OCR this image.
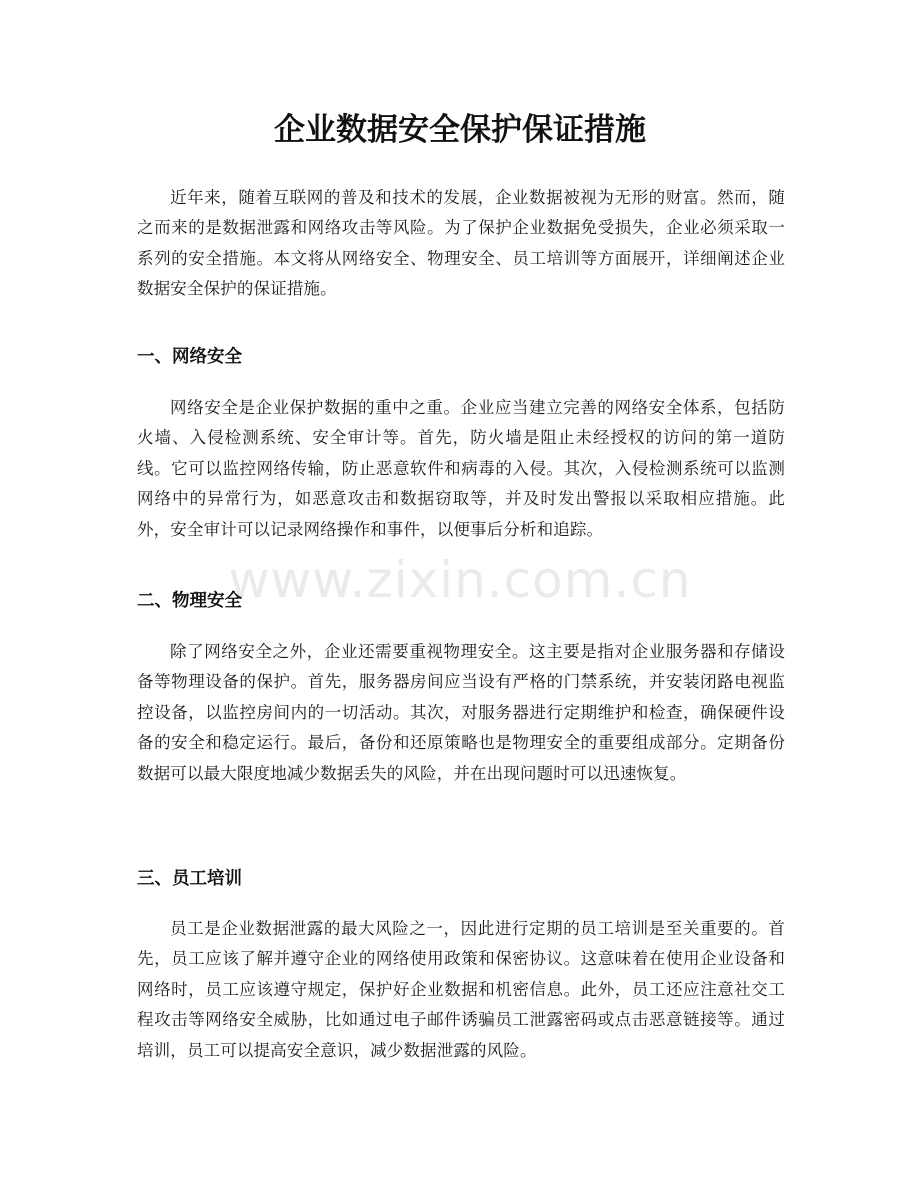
企业数据安全保护保证措施

近年来，随着互联网的普及和技术的发展，企业数据被视为无形的财富。然而，随之而来的是数据泄露和网络攻击等风险。为了保护企业数据免受损失，企业必须采取一系列的安全措施。本文将从网络安全、物理安全、员工培训等方面展开，详细阐述企业数据安全保护的保证措施。

一、网络安全

网络安全是企业保护数据的重中之重。企业应当建立完善的网络安全体系，包括防火墙、入侵检测系统、安全审计等。首先，防火墙是阻止未经授权的访问的第一道防线。它可以监控网络传输，防止恶意软件和病毒的入侵。其次，入侵检测系统可以监测网络中的异常行为，如恶意攻击和数据窃取等，并及时发出警报以采取相应措施。此外，安全审计可以记录网络操作和事件，以便事后分析和追踪。

二、物理安全

除了网络安全之外，企业还需要重视物理安全。这主要是指对企业服务器和存储设备等物理设备的保护。首先，服务器房间应当设有严格的门禁系统，并安装闭路电视监控设备，以监控房间内的一切活动。其次，对服务器进行定期维护和检查，确保硬件设备的安全和稳定运行。最后，备份和还原策略也是物理安全的重要组成部分。定期备份数据可以最大限度地减少数据丢失的风险，并在出现问题时可以迅速恢复。

三、员工培训

员工是企业数据泄露的最大风险之一，因此进行定期的员工培训是至关重要的。首先，员工应该了解并遵守企业的网络使用政策和保密协议。这意味着在使用企业设备和网络时，员工应该遵守规定，保护好企业数据和机密信息。此外，员工还应注意社交工程攻击等网络安全威胁，比如通过电子邮件诱骗员工泄露密码或点击恶意链接等。通过培训，员工可以提高安全意识，减少数据泄露的风险。

www.zixin.com.cn
